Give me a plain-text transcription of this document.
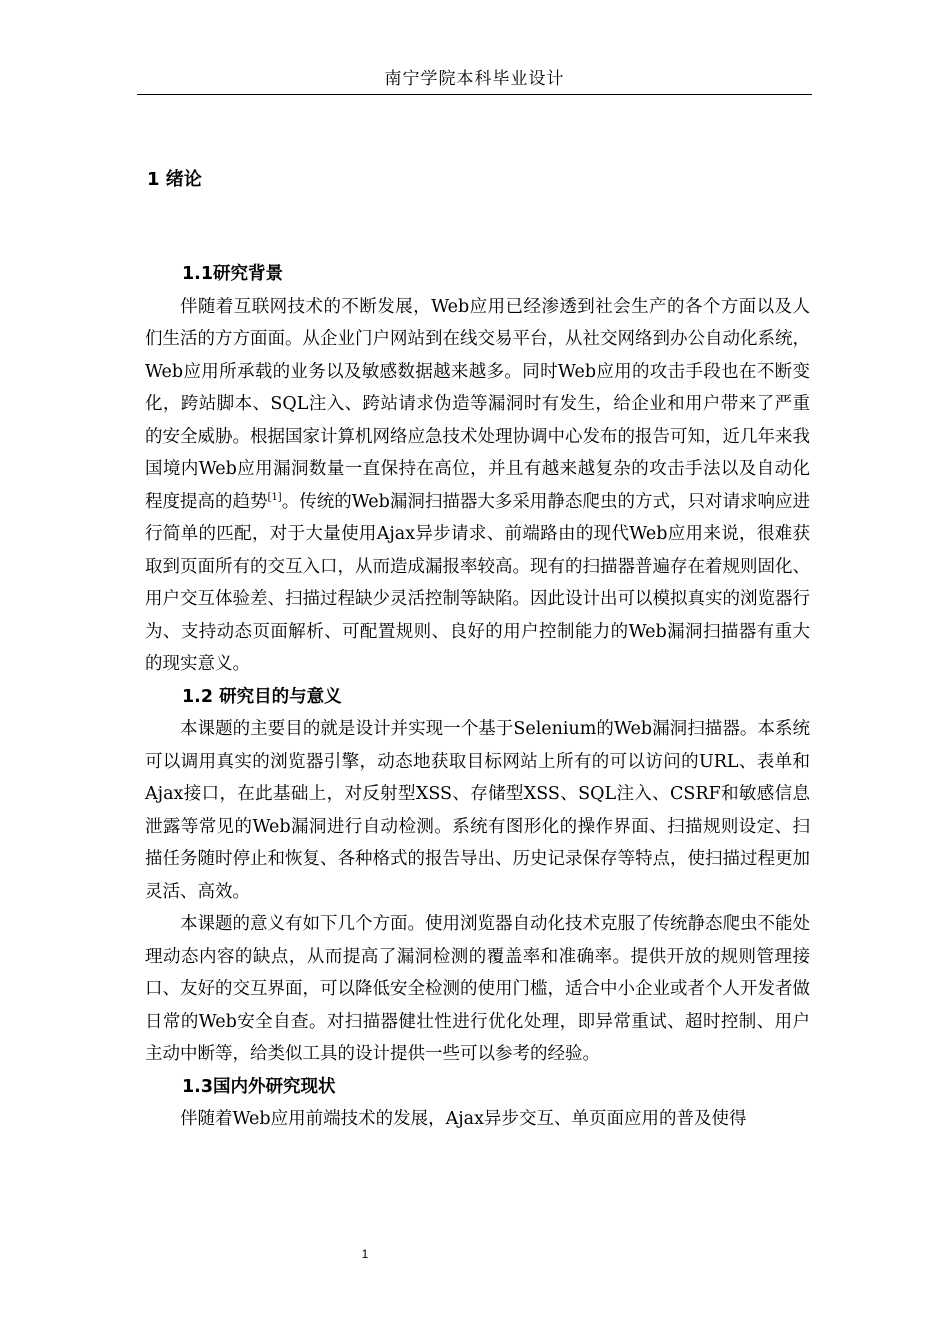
南宁学院本科毕业设计
1 绪论
1.1研究背景

伴随着互联网技术的不断发展，Web应用已经渗透到社会生产的各个方面以及人们生活的方方面面。从企业门户网站到在线交易平台，从社交网络到办公自动化系统，Web应用所承载的业务以及敏感数据越来越多。同时Web应用的攻击手段也在不断变化，跨站脚本、SQL注入、跨站请求伪造等漏洞时有发生，给企业和用户带来了严重的安全威胁。根据国家计算机网络应急技术处理协调中心发布的报告可知，近几年来我国境内Web应用漏洞数量一直保持在高位，并且有越来越复杂的攻击手法以及自动化程度提高的趋势[1]。传统的Web漏洞扫描器大多采用静态爬虫的方式，只对请求响应进行简单的匹配，对于大量使用Ajax异步请求、前端路由的现代Web应用来说，很难获取到页面所有的交互入口，从而造成漏报率较高。现有的扫描器普遍存在着规则固化、用户交互体验差、扫描过程缺少灵活控制等缺陷。因此设计出可以模拟真实的浏览器行为、支持动态页面解析、可配置规则、良好的用户控制能力的Web漏洞扫描器有重大的现实意义。

1.2 研究目的与意义

本课题的主要目的就是设计并实现一个基于Selenium的Web漏洞扫描器。本系统可以调用真实的浏览器引擎，动态地获取目标网站上所有的可以访问的URL、表单和Ajax接口，在此基础上，对反射型XSS、存储型XSS、SQL注入、CSRF和敏感信息泄露等常见的Web漏洞进行自动检测。系统有图形化的操作界面、扫描规则设定、扫描任务随时停止和恢复、各种格式的报告导出、历史记录保存等特点，使扫描过程更加灵活、高效。

本课题的意义有如下几个方面。使用浏览器自动化技术克服了传统静态爬虫不能处理动态内容的缺点，从而提高了漏洞检测的覆盖率和准确率。提供开放的规则管理接口、友好的交互界面，可以降低安全检测的使用门槛，适合中小企业或者个人开发者做日常的Web安全自查。对扫描器健壮性进行优化处理，即异常重试、超时控制、用户主动中断等，给类似工具的设计提供一些可以参考的经验。

1.3国内外研究现状

伴随着Web应用前端技术的发展，Ajax异步交互、单页面应用的普及使得

1
